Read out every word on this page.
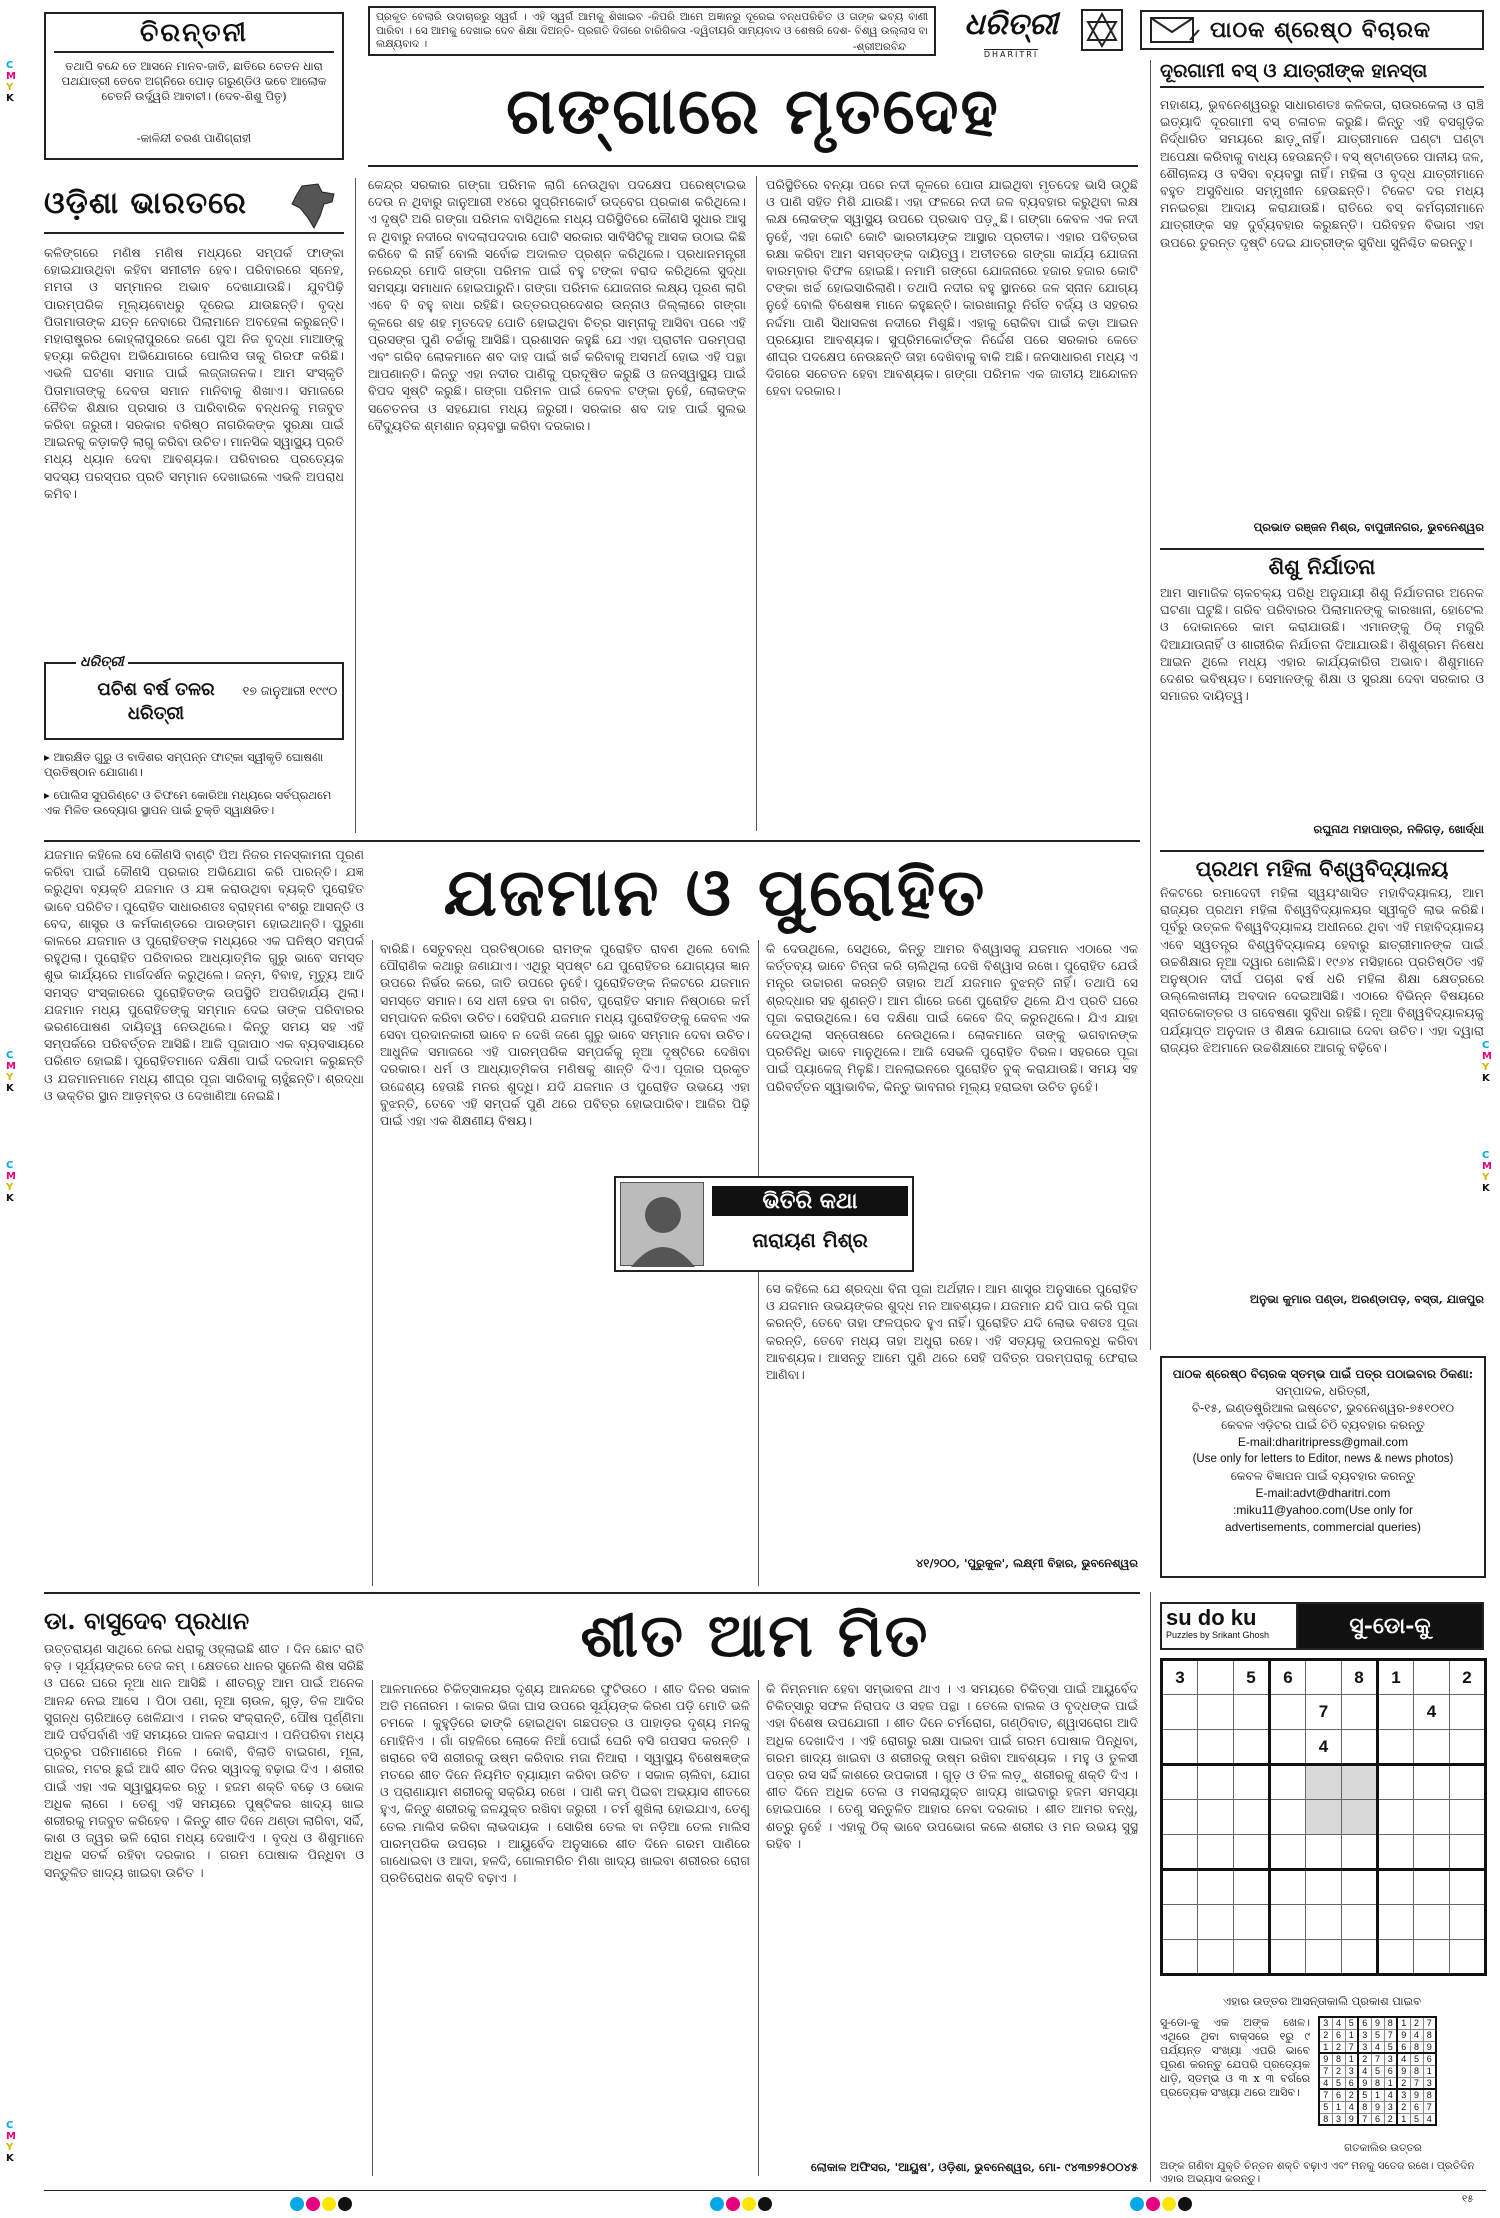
C
M
Y
K
C
M
Y
K
C
M
Y
K
C
M
Y
K
C
M
Y
K
C
M
Y
K
ଚିରନ୍ତନୀ
ତଥାପି ବନ୍ଦେ ତେ ଆସନେ ମାନବ-ଜାତି, ଛାତିରେ ଚେତନ ଧାରା ପଥଯାତ୍ରୀ ତେବେ ଅଗ୍ନିରେ ପୋଡ଼ ଗରୁଣ୍ଡିଓ ଭବେ ଆଲୋକ ଚେତନି ଉର୍ଦ୍ଧ୍ୱରି ଆବାଚୀ। (ଦେବ-ଶିଶୁ ପିତୃ)
-କାଳିନ୍ଦୀ ଚରଣ ପାଣିଗ୍ରାହୀ
ପ୍ରକୃତ ବେଲାରି ଉଦାଚାରରୁ ସ୍ୱର୍ଗ । ଏହି ସ୍ୱର୍ଗ ଆମକୁ ଶିଖାଇବ -କିପରି ଆମେ ଅଜ୍ଞାନରୁ ଦୂରେଇ ବନ୍ଧପରିଚିତ ଓ ତାଙ୍କ ଭବ୍ୟ ବାଣୀ ପାରିବା । ସେ ଆମକୁ ଦେଖାଇ ଦେବ ଶିକ୍ଷା ଦିଅନ୍ତି- ପ୍ରଗତି ଦିଗରେ ବାରିଗିକତା -ଦ୍ୱିତୀୟରି ସାମ୍ୟବାଦ ଓ ଶେଷରି ଦେଶ- ବିଶ୍ୱ ଉଲ୍ଲାସ ବା ଲକ୍ଷ୍ୟବାଦ ।	-ଶ୍ରୀଅରବିନ୍ଦ
ଧରିତ୍ରୀ
DHARITRI
ପାଠକ ଶ୍ରେଷ୍ଠ ବିଚାରକ
ଗଙ୍ଗାରେ ମୃତଦେହ
ଓଡ଼ିଶା ଭାରତରେ
କଳିଙ୍ଗରେ ମଣିଷ ମଣିଷ ମଧ୍ୟରେ ସମ୍ପର୍କ ଫାଙ୍କା ହୋଇଯାଉଥିବା କହିବା ସମୀଚୀନ ହେବ। ପରିବାରରେ ସ୍ନେହ, ମମତା ଓ ସମ୍ମାନର ଅଭାବ ଦେଖାଯାଉଛି। ଯୁବପିଢ଼ି ପାରମ୍ପରିକ ମୂଲ୍ୟବୋଧରୁ ଦୂରେଇ ଯାଉଛନ୍ତି। ବୃଦ୍ଧ ପିତାମାତାଙ୍କ ଯତ୍ନ ନେବାରେ ପିଲାମାନେ ଅବହେଳା କରୁଛନ୍ତି। ମହାରାଷ୍ଟ୍ରର କୋହ୍ଲାପୁରରେ ଜଣେ ପୁଅ ନିଜ ବୃଦ୍ଧା ମାଆଙ୍କୁ ହତ୍ୟା କରିଥିବା ଅଭିଯୋଗରେ ପୋଲିସ ତାକୁ ଗିରଫ କରିଛି। ଏଭଳି ଘଟଣା ସମାଜ ପାଇଁ ଲଜ୍ଜାଜନକ। ଆମ ସଂସ୍କୃତି ପିତାମାତାଙ୍କୁ ଦେବତା ସମାନ ମାନିବାକୁ ଶିଖାଏ। ସମାଜରେ ନୈତିକ ଶିକ୍ଷାର ପ୍ରସାର ଓ ପାରିବାରିକ ବନ୍ଧନକୁ ମଜବୁତ କରିବା ଜରୁରୀ। ସରକାର ବରିଷ୍ଠ ନାଗରିକଙ୍କ ସୁରକ୍ଷା ପାଇଁ ଆଇନକୁ କଡ଼ାକଡ଼ି ଲାଗୁ କରିବା ଉଚିତ। ମାନସିକ ସ୍ୱାସ୍ଥ୍ୟ ପ୍ରତି ମଧ୍ୟ ଧ୍ୟାନ ଦେବା ଆବଶ୍ୟକ। ପରିବାରର ପ୍ରତ୍ୟେକ ସଦସ୍ୟ ପରସ୍ପର ପ୍ରତି ସମ୍ମାନ ଦେଖାଇଲେ ଏଭଳି ଅପରାଧ କମିବ।
ଧରିତ୍ରୀ
ପଚିଶ ବର୍ଷ ତଳର ଧରିତ୍ରୀ
୧୭ ଜାନୁଆରୀ ୧୯୯୦
▸ ଆରକ୍ଷିତ ଗୁରୁ ଓ ବାଦିଶର ସମ୍ପନ୍ନ ଫାଟ୍କା ସ୍ୱୀକୃତି ଘୋଷଣା ପ୍ରତିଷ୍ଠାନ ଯୋଗାଣ।
▸ ପୋଲିସ ସୁପରିଣ୍ଟେ ଓ ଚିଫମେ କୋରିଆ ମଧ୍ୟରେ ସର୍ବପ୍ରଥମେ ଏକ ମିଳିତ ଉଦ୍ୟୋଗ ସ୍ଥାପନ ପାଇଁ ଚୁକ୍ତି ସ୍ୱାକ୍ଷରିତ।
କେନ୍ଦ୍ର ସରକାର ଗଙ୍ଗା ପରିମଳ ଲାଗି ନେଉଥିବା ପଦକ୍ଷେପ ପରେଷ୍ଟାଇଭ ଦେଉ ନ ଥିବାରୁ ଜାନୁଆରୀ ୧୪ରେ ସୁପ୍ରିମକୋର୍ଟ ଉଦ୍‌ବେଗ ପ୍ରକାଶ କରିଥିଲେ। ଏ ଦୃଷ୍ଟି ଅରି ଗଙ୍ଗା ପରିମଳ ବାସିଥିଲେ ମଧ୍ୟ ପରିସ୍ଥିତିରେ କୌଣସି ସୁଧାର ଆସୁ ନ ଥିବାରୁ ନଦୀରେ ବାଦଲାପଦଦାର ପୋଟି ସରକାର ସାବିସିଟିକୁ ଆସକ ଉଠାଇ କିଛି କରିବେ କି ନାହିଁ ବୋଲି ସର୍ବୋଚ୍ଚ ଅଦାଲତ ପ୍ରଶ୍ନ କରିଥିଲେ। ପ୍ରଧାନମନ୍ତ୍ରୀ ନରେନ୍ଦ୍ର ମୋଦି ଗଙ୍ଗା ପରିମଳ ପାଇଁ ବହୁ ଟଙ୍କା ବରାଦ କରିଥିଲେ ସୁଦ୍ଧା ସମସ୍ୟା ସମାଧାନ ହୋଇପାରୁନି। ଗଙ୍ଗା ପରିମଳ ଯୋଜନାର ଲକ୍ଷ୍ୟ ପୂରଣ ଲାଗି ଏବେ ବି ବହୁ ବାଧା ରହିଛି। ଉତ୍ତରପ୍ରଦେଶର ଉନ୍ନାଓ ଜିଲ୍ଲାରେ ଗଙ୍ଗା କୂଳରେ ଶହ ଶହ ମୃତଦେହ ପୋତି ହୋଇଥିବା ଚିତ୍ର ସାମ୍ନାକୁ ଆସିବା ପରେ ଏହି ପ୍ରସଙ୍ଗ ପୁଣି ଚର୍ଚ୍ଚାକୁ ଆସିଛି। ପ୍ରଶାସନ କହୁଛି ଯେ ଏହା ପ୍ରାଚୀନ ପରମ୍ପରା ଏବଂ ଗରିବ ଲୋକମାନେ ଶବ ଦାହ ପାଇଁ ଖର୍ଚ୍ଚ କରିବାକୁ ଅସମର୍ଥ ହୋଇ ଏହି ପନ୍ଥା ଆପଣାନ୍ତି। କିନ୍ତୁ ଏହା ନଦୀର ପାଣିକୁ ପ୍ରଦୂଷିତ କରୁଛି ଓ ଜନସ୍ୱାସ୍ଥ୍ୟ ପାଇଁ ବିପଦ ସୃଷ୍ଟି କରୁଛି। ଗଙ୍ଗା ପରିମଳ ପାଇଁ କେବଳ ଟଙ୍କା ନୁହେଁ, ଲୋକଙ୍କ ସଚେତନତା ଓ ସହଯୋଗ ମଧ୍ୟ ଜରୁରୀ। ସରକାର ଶବ ଦାହ ପାଇଁ ସୁଲଭ ବୈଦ୍ୟୁତିକ ଶ୍ମଶାନ ବ୍ୟବସ୍ଥା କରିବା ଦରକାର।
ପରିସ୍ଥିତିରେ ବନ୍ୟା ପରେ ନଦୀ କୂଳରେ ପୋତା ଯାଇଥିବା ମୃତଦେହ ଭାସି ଉଠୁଛି ଓ ପାଣି ସହିତ ମିଶି ଯାଉଛି। ଏହା ଫଳରେ ନଦୀ ଜଳ ବ୍ୟବହାର କରୁଥିବା ଲକ୍ଷ ଲକ୍ଷ ଲୋକଙ୍କ ସ୍ୱାସ୍ଥ୍ୟ ଉପରେ ପ୍ରଭାବ ପଡ଼ୁଛି। ଗଙ୍ଗା କେବଳ ଏକ ନଦୀ ନୁହେଁ, ଏହା କୋଟି କୋଟି ଭାରତୀୟଙ୍କ ଆସ୍ଥାର ପ୍ରତୀକ। ଏହାର ପବିତ୍ରତା ରକ୍ଷା କରିବା ଆମ ସମସ୍ତଙ୍କ ଦାୟିତ୍ୱ। ଅତୀତରେ ଗଙ୍ଗା କାର୍ଯ୍ୟ ଯୋଜନା ବାରମ୍ବାର ବିଫଳ ହୋଇଛି। ନମାମି ଗଙ୍ଗେ ଯୋଜନାରେ ହଜାର ହଜାର କୋଟି ଟଙ୍କା ଖର୍ଚ୍ଚ ହୋଇସାରିଲାଣି। ତଥାପି ନଦୀର ବହୁ ସ୍ଥାନରେ ଜଳ ସ୍ନାନ ଯୋଗ୍ୟ ନୁହେଁ ବୋଲି ବିଶେଷଜ୍ଞ ମାନେ କହୁଛନ୍ତି। କାରଖାନାରୁ ନିର୍ଗତ ବର୍ଜ୍ୟ ଓ ସହରର ନର୍ଦ୍ଦମା ପାଣି ସିଧାସଳଖ ନଦୀରେ ମିଶୁଛି। ଏହାକୁ ରୋକିବା ପାଇଁ କଡ଼ା ଆଇନ ପ୍ରୟୋଗ ଆବଶ୍ୟକ। ସୁପ୍ରିମକୋର୍ଟଙ୍କ ନିର୍ଦ୍ଦେଶ ପରେ ସରକାର କେତେ ଶୀଘ୍ର ପଦକ୍ଷେପ ନେଉଛନ୍ତି ତାହା ଦେଖିବାକୁ ବାକି ଅଛି। ଜନସାଧାରଣ ମଧ୍ୟ ଏ ଦିଗରେ ସଚେତନ ହେବା ଆବଶ୍ୟକ। ଗଙ୍ଗା ପରିମଳ ଏକ ଜାତୀୟ ଆନ୍ଦୋଳନ ହେବା ଦରକାର।
ଦୂରଗାମୀ ବସ୍ ଓ ଯାତ୍ରୀଙ୍କ ହାନସ୍ତା
ମହାଶୟ, ଭୁବନେଶ୍ୱରରୁ ସାଧାରଣତଃ କଳିକତା, ରାଉରକେଲା ଓ ରାଞ୍ଚି ଇତ୍ୟାଦି ଦୂରଗାମୀ ବସ୍ ଚଳାଚଳ କରୁଛି। କିନ୍ତୁ ଏହି ବସଗୁଡ଼ିକ ନିର୍ଦ୍ଧାରିତ ସମୟରେ ଛାଡ଼ୁନାହିଁ। ଯାତ୍ରୀମାନେ ଘଣ୍ଟା ଘଣ୍ଟା ଅପେକ୍ଷା କରିବାକୁ ବାଧ୍ୟ ହେଉଛନ୍ତି। ବସ୍ ଷ୍ଟାଣ୍ଡରେ ପାନୀୟ ଜଳ, ଶୌଚାଳୟ ଓ ବସିବା ବ୍ୟବସ୍ଥା ନାହିଁ। ମହିଳା ଓ ବୃଦ୍ଧ ଯାତ୍ରୀମାନେ ବହୁତ ଅସୁବିଧାର ସମ୍ମୁଖୀନ ହେଉଛନ୍ତି। ଟିକେଟ ଦର ମଧ୍ୟ ମନଇଚ୍ଛା ଆଦାୟ କରାଯାଉଛି। ରାତିରେ ବସ୍ କର୍ମଚାରୀମାନେ ଯାତ୍ରୀଙ୍କ ସହ ଦୁର୍ବ୍ୟବହାର କରୁଛନ୍ତି। ପରିବହନ ବିଭାଗ ଏହା ଉପରେ ତୁରନ୍ତ ଦୃଷ୍ଟି ଦେଇ ଯାତ୍ରୀଙ୍କ ସୁବିଧା ସୁନିଶ୍ଚିତ କରନ୍ତୁ।
ପ୍ରଭାତ ରଞ୍ଜନ ମିଶ୍ର, ବାପୁଜୀନଗର, ଭୁବନେଶ୍ୱର
ଶିଶୁ ନିର୍ଯାତନା
ଆମ ସାମାଜିକ ଚାକଚକ୍ୟ ପରିଧି ଅନୁଯାୟୀ ଶିଶୁ ନିର୍ଯାତନାର ଅନେକ ଘଟଣା ଘଟୁଛି। ଗରିବ ପରିବାରର ପିଲାମାନଙ୍କୁ କାରଖାନା, ହୋଟେଲ ଓ ଦୋକାନରେ କାମ କରାଯାଉଛି। ଏମାନଙ୍କୁ ଠିକ୍ ମଜୁରି ଦିଆଯାଉନାହିଁ ଓ ଶାରୀରିକ ନିର୍ଯାତନା ଦିଆଯାଉଛି। ଶିଶୁଶ୍ରମ ନିଷେଧ ଆଇନ ଥିଲେ ମଧ୍ୟ ଏହାର କାର୍ଯ୍ୟକାରିତା ଅଭାବ। ଶିଶୁମାନେ ଦେଶର ଭବିଷ୍ୟତ। ସେମାନଙ୍କୁ ଶିକ୍ଷା ଓ ସୁରକ୍ଷା ଦେବା ସରକାର ଓ ସମାଜର ଦାୟିତ୍ୱ।
ରଘୁନାଥ ମହାପାତ୍ର, ନଳିଗଡ଼, ଖୋର୍ଦ୍ଧା
ପ୍ରଥମ ମହିଳା ବିଶ୍ୱବିଦ୍ୟାଳୟ
ନିକଟରେ ରମାଦେବୀ ମହିଳା ସ୍ୱୟଂଶାସିତ ମହାବିଦ୍ୟାଳୟ, ଆମ ରାଜ୍ୟର ପ୍ରଥମ ମହିଳା ବିଶ୍ୱବିଦ୍ୟାଳୟର ସ୍ୱୀକୃତି ଲାଭ କରିଛି। ପୂର୍ବରୁ ଉତ୍କଳ ବିଶ୍ୱବିଦ୍ୟାଳୟ ଅଧୀନରେ ଥିବା ଏହି ମହାବିଦ୍ୟାଳୟ ଏବେ ସ୍ୱତନ୍ତ୍ର ବିଶ୍ୱବିଦ୍ୟାଳୟ ହେବାରୁ ଛାତ୍ରୀମାନଙ୍କ ପାଇଁ ଉଚ୍ଚଶିକ୍ଷାର ନୂଆ ଦ୍ୱାର ଖୋଲିଛି। ୧୯୬୪ ମସିହାରେ ପ୍ରତିଷ୍ଠିତ ଏହି ଅନୁଷ୍ଠାନ ଦୀର୍ଘ ପଚାଶ ବର୍ଷ ଧରି ମହିଳା ଶିକ୍ଷା କ୍ଷେତ୍ରରେ ଉଲ୍ଲେଖନୀୟ ଅବଦାନ ଦେଇଆସିଛି। ଏଠାରେ ବିଭିନ୍ନ ବିଷୟରେ ସ୍ନାତକୋତ୍ତର ଓ ଗବେଷଣା ସୁବିଧା ରହିଛି। ନୂଆ ବିଶ୍ୱବିଦ୍ୟାଳୟକୁ ପର୍ଯ୍ୟାପ୍ତ ଅନୁଦାନ ଓ ଶିକ୍ଷକ ଯୋଗାଇ ଦେବା ଉଚିତ। ଏହା ଦ୍ୱାରା ରାଜ୍ୟର ଝିଅମାନେ ଉଚ୍ଚଶିକ୍ଷାରେ ଆଗକୁ ବଢ଼ିବେ।
ଅନୁଭା କୁମାର ପଣ୍ଡା, ଅରଣ୍ଡାପଡ଼, ବସ୍ତା, ଯାଜପୁର
ଯଜମାନ ଓ ପୁରୋହିତ
ଯଜମାନ କହିଲେ ସେ କୌଣସି ବାଣ୍ଟି ପିଅ ନିଜର ମନସ୍କାମନା ପୂରଣ କରିବା ପାଇଁ କୌଣସି ପ୍ରକାର ଅଭିଯୋଗ କରି ପାରନ୍ତି। ଯଜ୍ଞ କରୁଥିବା ବ୍ୟକ୍ତି ଯଜମାନ ଓ ଯଜ୍ଞ କରାଉଥିବା ବ୍ୟକ୍ତି ପୁରୋହିତ ଭାବେ ପରିଚିତ। ପୁରୋହିତ ସାଧାରଣତଃ ବ୍ରାହ୍ମଣ ବଂଶରୁ ଆସନ୍ତି ଓ ବେଦ, ଶାସ୍ତ୍ର ଓ କର୍ମକାଣ୍ଡରେ ପାରଙ୍ଗମ ହୋଇଥାନ୍ତି। ପୁରୁଣା କାଳରେ ଯଜମାନ ଓ ପୁରୋହିତଙ୍କ ମଧ୍ୟରେ ଏକ ଘନିଷ୍ଠ ସମ୍ପର୍କ ରହୁଥିଲା। ପୁରୋହିତ ପରିବାରର ଆଧ୍ୟାତ୍ମିକ ଗୁରୁ ଭାବେ ସମସ୍ତ ଶୁଭ କାର୍ଯ୍ୟରେ ମାର୍ଗଦର୍ଶନ କରୁଥିଲେ। ଜନ୍ମ, ବିବାହ, ମୃତ୍ୟୁ ଆଦି ସମସ୍ତ ସଂସ୍କାରରେ ପୁରୋହିତଙ୍କ ଉପସ୍ଥିତି ଅପରିହାର୍ଯ୍ୟ ଥିଲା। ଯଜମାନ ମଧ୍ୟ ପୁରୋହିତଙ୍କୁ ସମ୍ମାନ ଦେଇ ତାଙ୍କ ପରିବାରର ଭରଣପୋଷଣ ଦାୟିତ୍ୱ ନେଉଥିଲେ। କିନ୍ତୁ ସମୟ ସହ ଏହି ସମ୍ପର୍କରେ ପରିବର୍ତ୍ତନ ଆସିଛି। ଆଜି ପୂଜାପାଠ ଏକ ବ୍ୟବସାୟରେ ପରିଣତ ହୋଇଛି। ପୁରୋହିତମାନେ ଦକ୍ଷିଣା ପାଇଁ ଦରଦାମ କରୁଛନ୍ତି ଓ ଯଜମାନମାନେ ମଧ୍ୟ ଶୀଘ୍ର ପୂଜା ସାରିବାକୁ ଚାହୁଁଛନ୍ତି। ଶ୍ରଦ୍ଧା ଓ ଭକ୍ତିର ସ୍ଥାନ ଆଡ଼ମ୍ବର ଓ ଦେଖାଣିଆ ନେଇଛି।
ବାରିଛି। ସେତୁବନ୍ଧ ପ୍ରତିଷ୍ଠାରେ ରାମଙ୍କ ପୁରୋହିତ ରାବଣ ଥିଲେ ବୋଲି ପୌରାଣିକ କଥାରୁ ଜଣାଯାଏ। ଏଥିରୁ ସ୍ପଷ୍ଟ ଯେ ପୁରୋହିତର ଯୋଗ୍ୟତା ଜ୍ଞାନ ଉପରେ ନିର୍ଭର କରେ, ଜାତି ଉପରେ ନୁହେଁ। ପୁରୋହିତଙ୍କ ନିକଟରେ ଯଜମାନ ସମସ୍ତେ ସମାନ। ସେ ଧନୀ ହେଉ ବା ଗରିବ, ପୁରୋହିତ ସମାନ ନିଷ୍ଠାରେ କର୍ମ ସମ୍ପାଦନ କରିବା ଉଚିତ। ସେହିପରି ଯଜମାନ ମଧ୍ୟ ପୁରୋହିତଙ୍କୁ କେବଳ ଏକ ସେବା ପ୍ରଦାନକାରୀ ଭାବେ ନ ଦେଖି ଜଣେ ଗୁରୁ ଭାବେ ସମ୍ମାନ ଦେବା ଉଚିତ। ଆଧୁନିକ ସମାଜରେ ଏହି ପାରମ୍ପରିକ ସମ୍ପର୍କକୁ ନୂଆ ଦୃଷ୍ଟିରେ ଦେଖିବା ଦରକାର। ଧର୍ମ ଓ ଆଧ୍ୟାତ୍ମିକତା ମଣିଷକୁ ଶାନ୍ତି ଦିଏ। ପୂଜାର ପ୍ରକୃତ ଉଦ୍ଦେଶ୍ୟ ହେଉଛି ମନର ଶୁଦ୍ଧି। ଯଦି ଯଜମାନ ଓ ପୁରୋହିତ ଉଭୟେ ଏହା ବୁଝନ୍ତି, ତେବେ ଏହି ସମ୍ପର୍କ ପୁଣି ଥରେ ପବିତ୍ର ହୋଇପାରିବ। ଆଜିର ପିଢ଼ି ପାଇଁ ଏହା ଏକ ଶିକ୍ଷଣୀୟ ବିଷୟ।
କି ଦେଉଥିଲେ, ସେଥିରେ, କିନ୍ତୁ ଆମର ବିଶ୍ୱାସକୁ ଯଜମାନ ଏଠାରେ ଏକ କର୍ତ୍ତବ୍ୟ ଭାବେ ଚିନ୍ତା କରି ଚାଲିଥିଲା ଦେଖି ବିଶ୍ୱାସ ରଖେ। ପୁରୋହିତ ଯେଉଁ ମନ୍ତ୍ର ଉଚ୍ଚାରଣ କରନ୍ତି ତାହାର ଅର୍ଥ ଯଜମାନ ବୁଝନ୍ତି ନାହିଁ। ତଥାପି ସେ ଶ୍ରଦ୍ଧାର ସହ ଶୁଣନ୍ତି। ଆମ ଗାଁରେ ଜଣେ ପୁରୋହିତ ଥିଲେ ଯିଏ ପ୍ରତି ଘରେ ପୂଜା କରାଉଥିଲେ। ସେ ଦକ୍ଷିଣା ପାଇଁ କେବେ ଜିଦ୍ କରୁନଥିଲେ। ଯିଏ ଯାହା ଦେଉଥିଲା ସନ୍ତୋଷରେ ନେଉଥିଲେ। ଲୋକମାନେ ତାଙ୍କୁ ଭଗବାନଙ୍କ ପ୍ରତିନିଧି ଭାବେ ମାନୁଥିଲେ। ଆଜି ସେଭଳି ପୁରୋହିତ ବିରଳ। ସହରରେ ପୂଜା ପାଇଁ ପ୍ୟାକେଜ୍ ମିଳୁଛି। ଅନଲାଇନରେ ପୁରୋହିତ ବୁକ୍ କରାଯାଉଛି। ସମୟ ସହ ପରିବର୍ତ୍ତନ ସ୍ୱାଭାବିକ, କିନ୍ତୁ ଭାବନାର ମୂଲ୍ୟ ହରାଇବା ଉଚିତ ନୁହେଁ।
ଭିତିରି କଥା
ନାରାୟଣ ମିଶ୍ର
ସେ କହିଲେ ଯେ ଶ୍ରଦ୍ଧା ବିନା ପୂଜା ଅର୍ଥହୀନ। ଆମ ଶାସ୍ତ୍ର ଅନୁସାରେ ପୁରୋହିତ ଓ ଯଜମାନ ଉଭୟଙ୍କର ଶୁଦ୍ଧ ମନ ଆବଶ୍ୟକ। ଯଜମାନ ଯଦି ପାପ କରି ପୂଜା କରନ୍ତି, ତେବେ ତାହା ଫଳପ୍ରଦ ହୁଏ ନାହିଁ। ପୁରୋହିତ ଯଦି ଲୋଭ ବଶତଃ ପୂଜା କରନ୍ତି, ତେବେ ମଧ୍ୟ ତାହା ଅଧୁରା ରହେ। ଏହି ସତ୍ୟକୁ ଉପଲବ୍ଧି କରିବା ଆବଶ୍ୟକ। ଆସନ୍ତୁ ଆମେ ପୁଣି ଥରେ ସେହି ପବିତ୍ର ପରମ୍ପରାକୁ ଫେରାଇ ଆଣିବା।
୪୧/୨୦୦, 'ପୁରୁକୁଳ', ଲକ୍ଷ୍ମୀ ବିହାର, ଭୁବନେଶ୍ୱର
ପାଠକ ଶ୍ରେଷ୍ଠ ବିଚାରକ ସ୍ତମ୍ଭ ପାଇଁ ପତ୍ର ପଠାଇବାର ଠିକଣା:
ସମ୍ପାଦକ, ଧରିତ୍ରୀ,
ବି-୧୫, ଇଣ୍ଡଷ୍ଟ୍ରିଆଲ ଇଷ୍ଟେଟ, ଭୁବନେଶ୍ୱର-୭୫୧୦୧୦
କେବଳ ଏଡ଼ିଟର ପାଇଁ ଚିଠି ବ୍ୟବହାର କରନ୍ତୁ
E-mail:dharitripress@gmail.com
(Use only for letters to Editor, news & news photos)
କେବଳ ବିଜ୍ଞାପନ ପାଇଁ ବ୍ୟବହାର କରନ୍ତୁ
E-mail:advt@dharitri.com
:miku11@yahoo.com(Use only for
advertisements, commercial queries)
ଡା. ବାସୁଦେବ ପ୍ରଧାନ	ଶୀତ ଆମ ମିତ
ଉତ୍ତରାୟଣ ସାଥିରେ ନେଇ ଧରାକୁ ଓହ୍ଲାଇଛି ଶୀତ । ଦିନ ଛୋଟ ରାତି ବଡ଼ । ସୂର୍ଯ୍ୟଙ୍କର ତେଜ କମ୍ । କ୍ଷେତରେ ଧାନର ସୁନେଲି ଶିଷ ସରିଛି ଓ ଘରେ ଘରେ ନୂଆ ଧାନ ଆସିଛି । ଶୀତଋତୁ ଆମ ପାଇଁ ଅନେକ ଆନନ୍ଦ ନେଇ ଆସେ । ପିଠା ପଣା, ନୂଆ ଚାଉଳ, ଗୁଡ଼, ତିଳ ଆଦିର ସୁଗନ୍ଧ ଚାରିଆଡ଼େ ଖେଳିଯାଏ । ମକର ସଂକ୍ରାନ୍ତି, ପୌଷ ପୂର୍ଣ୍ଣିମା ଆଦି ପର୍ବପର୍ବାଣି ଏହି ସମୟରେ ପାଳନ କରାଯାଏ । ପନିପରିବା ମଧ୍ୟ ପ୍ରଚୁର ପରିମାଣରେ ମିଳେ । କୋବି, ବିଲାତି ବାଇଗଣ, ମୂଳା, ଗାଜର, ମଟର ଛୁଇଁ ଆଦି ଶୀତ ଦିନର ସ୍ୱାଦକୁ ବଢ଼ାଇ ଦିଏ । ଶରୀର ପାଇଁ ଏହା ଏକ ସ୍ୱାସ୍ଥ୍ୟକର ଋତୁ । ହଜମ ଶକ୍ତି ବଢ଼େ ଓ ଭୋକ ଅଧିକ ଲାଗେ । ତେଣୁ ଏହି ସମୟରେ ପୁଷ୍ଟିକର ଖାଦ୍ୟ ଖାଇ ଶରୀରକୁ ମଜବୁତ କରିହେବ । କିନ୍ତୁ ଶୀତ ଦିନେ ଥଣ୍ଡା ଲାଗିବା, ସର୍ଦ୍ଦି, କାଶ ଓ ଜ୍ୱର ଭଳି ରୋଗ ମଧ୍ୟ ଦେଖାଦିଏ । ବୃଦ୍ଧ ଓ ଶିଶୁମାନେ ଅଧିକ ସତର୍କ ରହିବା ଦରକାର । ଗରମ ପୋଷାକ ପିନ୍ଧିବା ଓ ସନ୍ତୁଳିତ ଖାଦ୍ୟ ଖାଇବା ଉଚିତ ।
ଆଳମାନରେ ଚିକିତ୍ସାଳୟର ଦୃଶ୍ୟ ଆନନ୍ଦରେ ଫୁଟିଉଠେ । ଶୀତ ଦିନର ସକାଳ ଅତି ମନୋରମ । କାକର ଭିଜା ଘାସ ଉପରେ ସୂର୍ଯ୍ୟଙ୍କ କିରଣ ପଡ଼ି ମୋତି ଭଳି ଚମକେ । କୁହୁଡ଼ିରେ ଢାଙ୍କି ହୋଇଥିବା ଗଛପତ୍ର ଓ ପାହାଡ଼ର ଦୃଶ୍ୟ ମନକୁ ମୋହିନିଏ । ଗାଁ ଗହଳିରେ ଲୋକେ ନିଆଁ ପୋଇଁ ଘେରି ବସି ଗପସପ କରନ୍ତି । ଖରାରେ ବସି ଶରୀରକୁ ଉଷ୍ମ କରିବାର ମଜା ନିଆରା । ସ୍ୱାସ୍ଥ୍ୟ ବିଶେଷଜ୍ଞଙ୍କ ମତରେ ଶୀତ ଦିନେ ନିୟମିତ ବ୍ୟାୟାମ କରିବା ଉଚିତ । ସକାଳ ଚାଲିବା, ଯୋଗ ଓ ପ୍ରାଣାୟାମ ଶରୀରକୁ ସକ୍ରିୟ ରଖେ । ପାଣି କମ୍ ପିଇବା ଅଭ୍ୟାସ ଶୀତରେ ହୁଏ, କିନ୍ତୁ ଶରୀରକୁ ଜଳଯୁକ୍ତ ରଖିବା ଜରୁରୀ । ଚର୍ମ ଶୁଖିଲା ହୋଇଯାଏ, ତେଣୁ ତେଲ ମାଲିସ କରିବା ଲାଭଦାୟକ । ସୋରିଷ ତେଲ ବା ନଡ଼ିଆ ତେଲ ମାଲିସ ପାରମ୍ପରିକ ଉପଚାର । ଆୟୁର୍ବେଦ ଅନୁସାରେ ଶୀତ ଦିନେ ଗରମ ପାଣିରେ ଗାଧୋଇବା ଓ ଆଦା, ହଳଦି, ଗୋଲମରିଚ ମିଶା ଖାଦ୍ୟ ଖାଇବା ଶରୀରର ରୋଗ ପ୍ରତିରୋଧକ ଶକ୍ତି ବଢ଼ାଏ ।
କି ନିମ୍ନମାନ ହେବା ସମ୍ଭାବନା ଥାଏ । ଏ ସମୟରେ ଚିକିତ୍ସା ପାଇଁ ଆୟୁର୍ବେଦ ଚିକିତ୍ସାରୁ ସଫଳ ନିରାପଦ ଓ ସହଜ ପନ୍ଥା । ତେଲେ ବାଲକ ଓ ବୃଦ୍ଧଙ୍କ ପାଇଁ ଏହା ବିଶେଷ ଉପଯୋଗୀ । ଶୀତ ଦିନେ ଚର୍ମରୋଗ, ଗଣ୍ଠିବାତ, ଶ୍ୱାସରୋଗ ଆଦି ଅଧିକ ଦେଖାଦିଏ । ଏହି ରୋଗରୁ ରକ୍ଷା ପାଇବା ପାଇଁ ଗରମ ପୋଷାକ ପିନ୍ଧିବା, ଗରମ ଖାଦ୍ୟ ଖାଇବା ଓ ଶରୀରକୁ ଉଷ୍ମ ରଖିବା ଆବଶ୍ୟକ । ମହୁ ଓ ତୁଳସୀ ପତ୍ର ରସ ସର୍ଦ୍ଦି କାଶରେ ଉପକାରୀ । ଗୁଡ଼ ଓ ତିଳ ଲଡ଼ୁ ଶରୀରକୁ ଶକ୍ତି ଦିଏ । ଶୀତ ଦିନେ ଅଧିକ ତେଲ ଓ ମସଲାଯୁକ୍ତ ଖାଦ୍ୟ ଖାଇବାରୁ ହଜମ ସମସ୍ୟା ହୋଇପାରେ । ତେଣୁ ସନ୍ତୁଳିତ ଆହାର ନେବା ଦରକାର । ଶୀତ ଆମର ବନ୍ଧୁ, ଶତ୍ରୁ ନୁହେଁ । ଏହାକୁ ଠିକ୍ ଭାବେ ଉପଭୋଗ କଲେ ଶରୀର ଓ ମନ ଉଭୟ ସୁସ୍ଥ ରହିବ ।
ଲୋକାଳ ଅଫିସର, 'ଆୟୁଷ', ଓଡ଼ିଶା, ଭୁବନେଶ୍ୱର, ମୋ- ୯୪୩୭୨୫୦୦୪୫
su do ku
Puzzles by Srikant Ghosh	ସୁ-ଡୋ-କୁ
3		5	6		8	1		2
				7			4	
				4				

ଏହାର ଉତ୍ତର ଆସନ୍ତାକାଲି ପ୍ରକାଶ ପାଇବ
ସୁ-ଡୋ-କୁ ଏକ ଅଙ୍କ ଖେଳ। ଏଥିରେ ଥିବା ବାକ୍ସରେ ୧ରୁ ୯ ପର୍ଯ୍ୟନ୍ତ ସଂଖ୍ୟା ଏପରି ଭାବେ ପୂରଣ କରନ୍ତୁ ଯେପରି ପ୍ରତ୍ୟେକ ଧାଡ଼ି, ସ୍ତମ୍ଭ ଓ ୩ x ୩ ବର୍ଗରେ ପ୍ରତ୍ୟେକ ସଂଖ୍ୟା ଥରେ ଆସିବ।
3	4	5	6	9	8	1	2	7
2	6	1	3	5	7	9	4	8
1	2	7	3	4	5	6	8	9
9	8	1	2	7	3	4	5	6
7	2	3	4	5	6	9	8	1
4	5	6	9	8	1	2	7	3
7	6	2	5	1	4	3	9	8
5	1	4	8	9	3	2	6	7
8	3	9	7	6	2	1	5	4
ଗତକାଲିର ଉତ୍ତର
ଅଙ୍କ ଗଣିବା ଯୁକ୍ତି ଚିନ୍ତନ ଶକ୍ତି ବଢ଼ାଏ ଏବଂ ମନକୁ ସତେଜ ରଖେ। ପ୍ରତିଦିନ ଏହାର ଅଭ୍ୟାସ କରନ୍ତୁ।
୧୫
